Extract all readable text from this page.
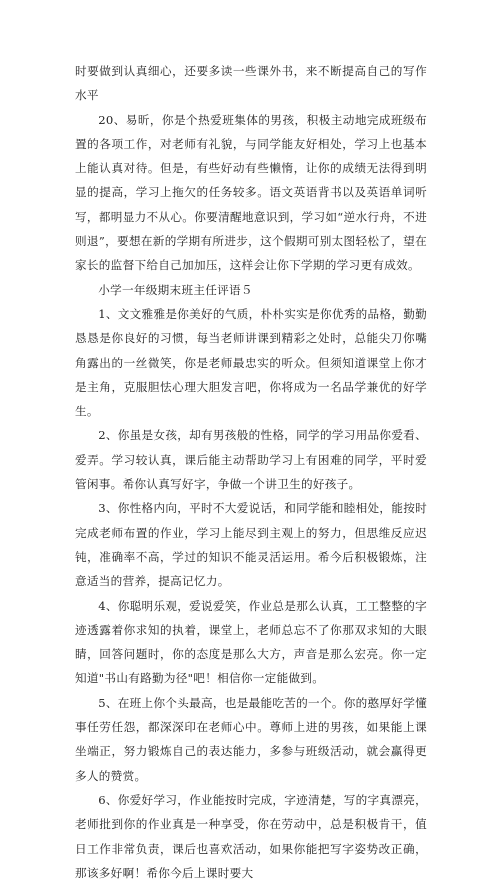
时要做到认真细心，还要多读一些课外书，来不断提高自己的写作水平

20、易昕，你是个热爱班集体的男孩，积极主动地完成班级布置的各项工作，对老师有礼貌，与同学能友好相处，学习上也基本上能认真对待。但是，有些好动有些懒惰，让你的成绩无法得到明显的提高，学习上拖欠的任务较多。语文英语背书以及英语单词听写，都明显力不从心。你要清醒地意识到，学习如“逆水行舟，不进则退”，要想在新的学期有所进步，这个假期可别太图轻松了，望在家长的监督下给自己加加压，这样会让你下学期的学习更有成效。

小学一年级期末班主任评语５

1、文文雅雅是你美好的气质，朴朴实实是你优秀的品格，勤勤恳恳是你良好的习惯，每当老师讲课到精彩之处时，总能尖刀你嘴角露出的一丝微笑，你是老师最忠实的听众。但须知道课堂上你才是主角，克服胆怯心理大胆发言吧，你将成为一名品学兼优的好学生。

2、你虽是女孩，却有男孩般的性格，同学的学习用品你爱看、爱弄。学习较认真，课后能主动帮助学习上有困难的同学，平时爱管闲事。希你认真写好字，争做一个讲卫生的好孩子。

3、你性格内向，平时不大爱说话，和同学能和睦相处，能按时完成老师布置的作业，学习上能尽到主观上的努力，但思维反应迟钝，准确率不高，学过的知识不能灵活运用。希今后积极锻炼，注意适当的营养，提高记忆力。

4、你聪明乐观，爱说爱笑，作业总是那么认真，工工整整的字迹透露着你求知的执着，课堂上，老师总忘不了你那双求知的大眼睛，回答问题时，你的态度是那么大方，声音是那么宏亮。你一定知道"书山有路勤为径"吧！相信你一定能做到。

5、在班上你个头最高，也是最能吃苦的一个。你的憨厚好学懂事任劳任怨，都深深印在老师心中。尊师上进的男孩，如果能上课坐端正，努力锻炼自己的表达能力，多参与班级活动，就会赢得更多人的赞赏。

6、你爱好学习，作业能按时完成，字迹清楚，写的字真漂亮，老师批到你的作业真是一种享受，你在劳动中，总是积极肯干，值日工作非常负责，课后也喜欢活动，如果你能把写字姿势改正确，那该多好啊！希你今后上课时要大
